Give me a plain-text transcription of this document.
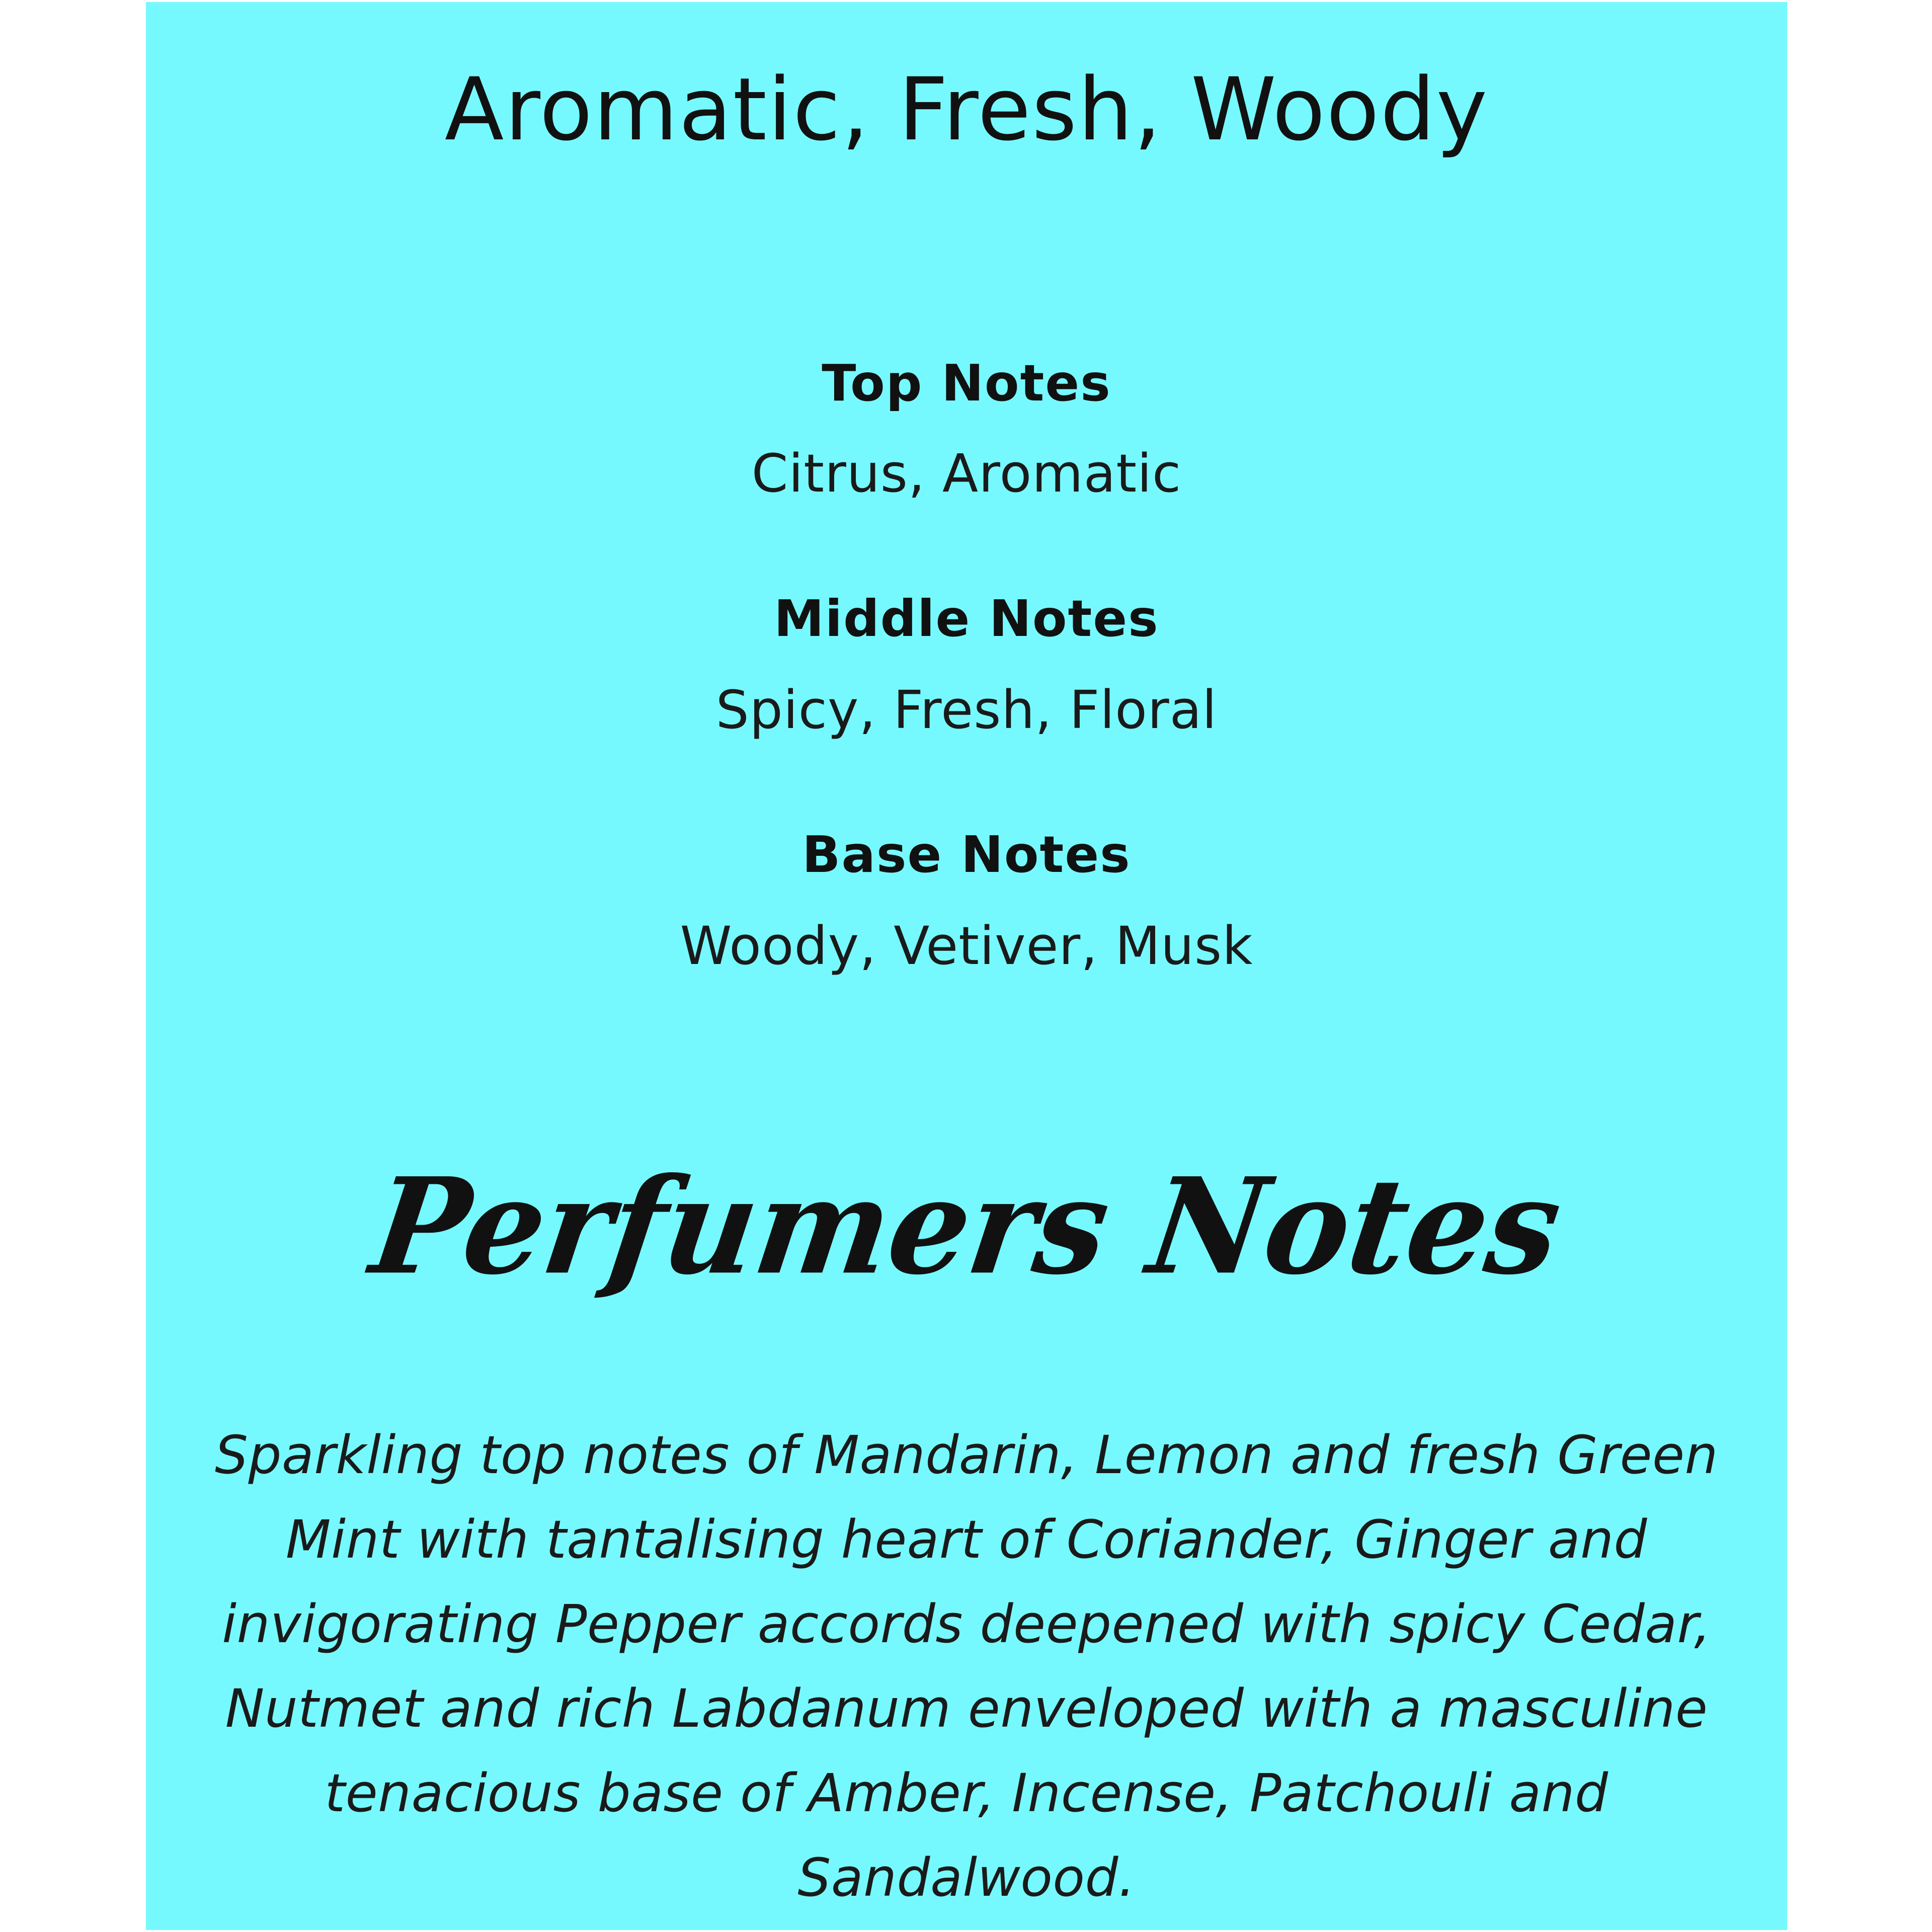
Aromatic, Fresh, Woody
Top Notes

Citrus, Aromatic

Middle Notes

Spicy, Fresh, Floral

Base Notes

Woody, Vetiver, Musk

Perfumers Notes

Sparkling top notes of Mandarin, Lemon and fresh Green Mint with tantalising heart of Coriander, Ginger and invigorating Pepper accords deepened with spicy Cedar, Nutmet and rich Labdanum enveloped with a masculine tenacious base of Amber, Incense, Patchouli and Sandalwood.
